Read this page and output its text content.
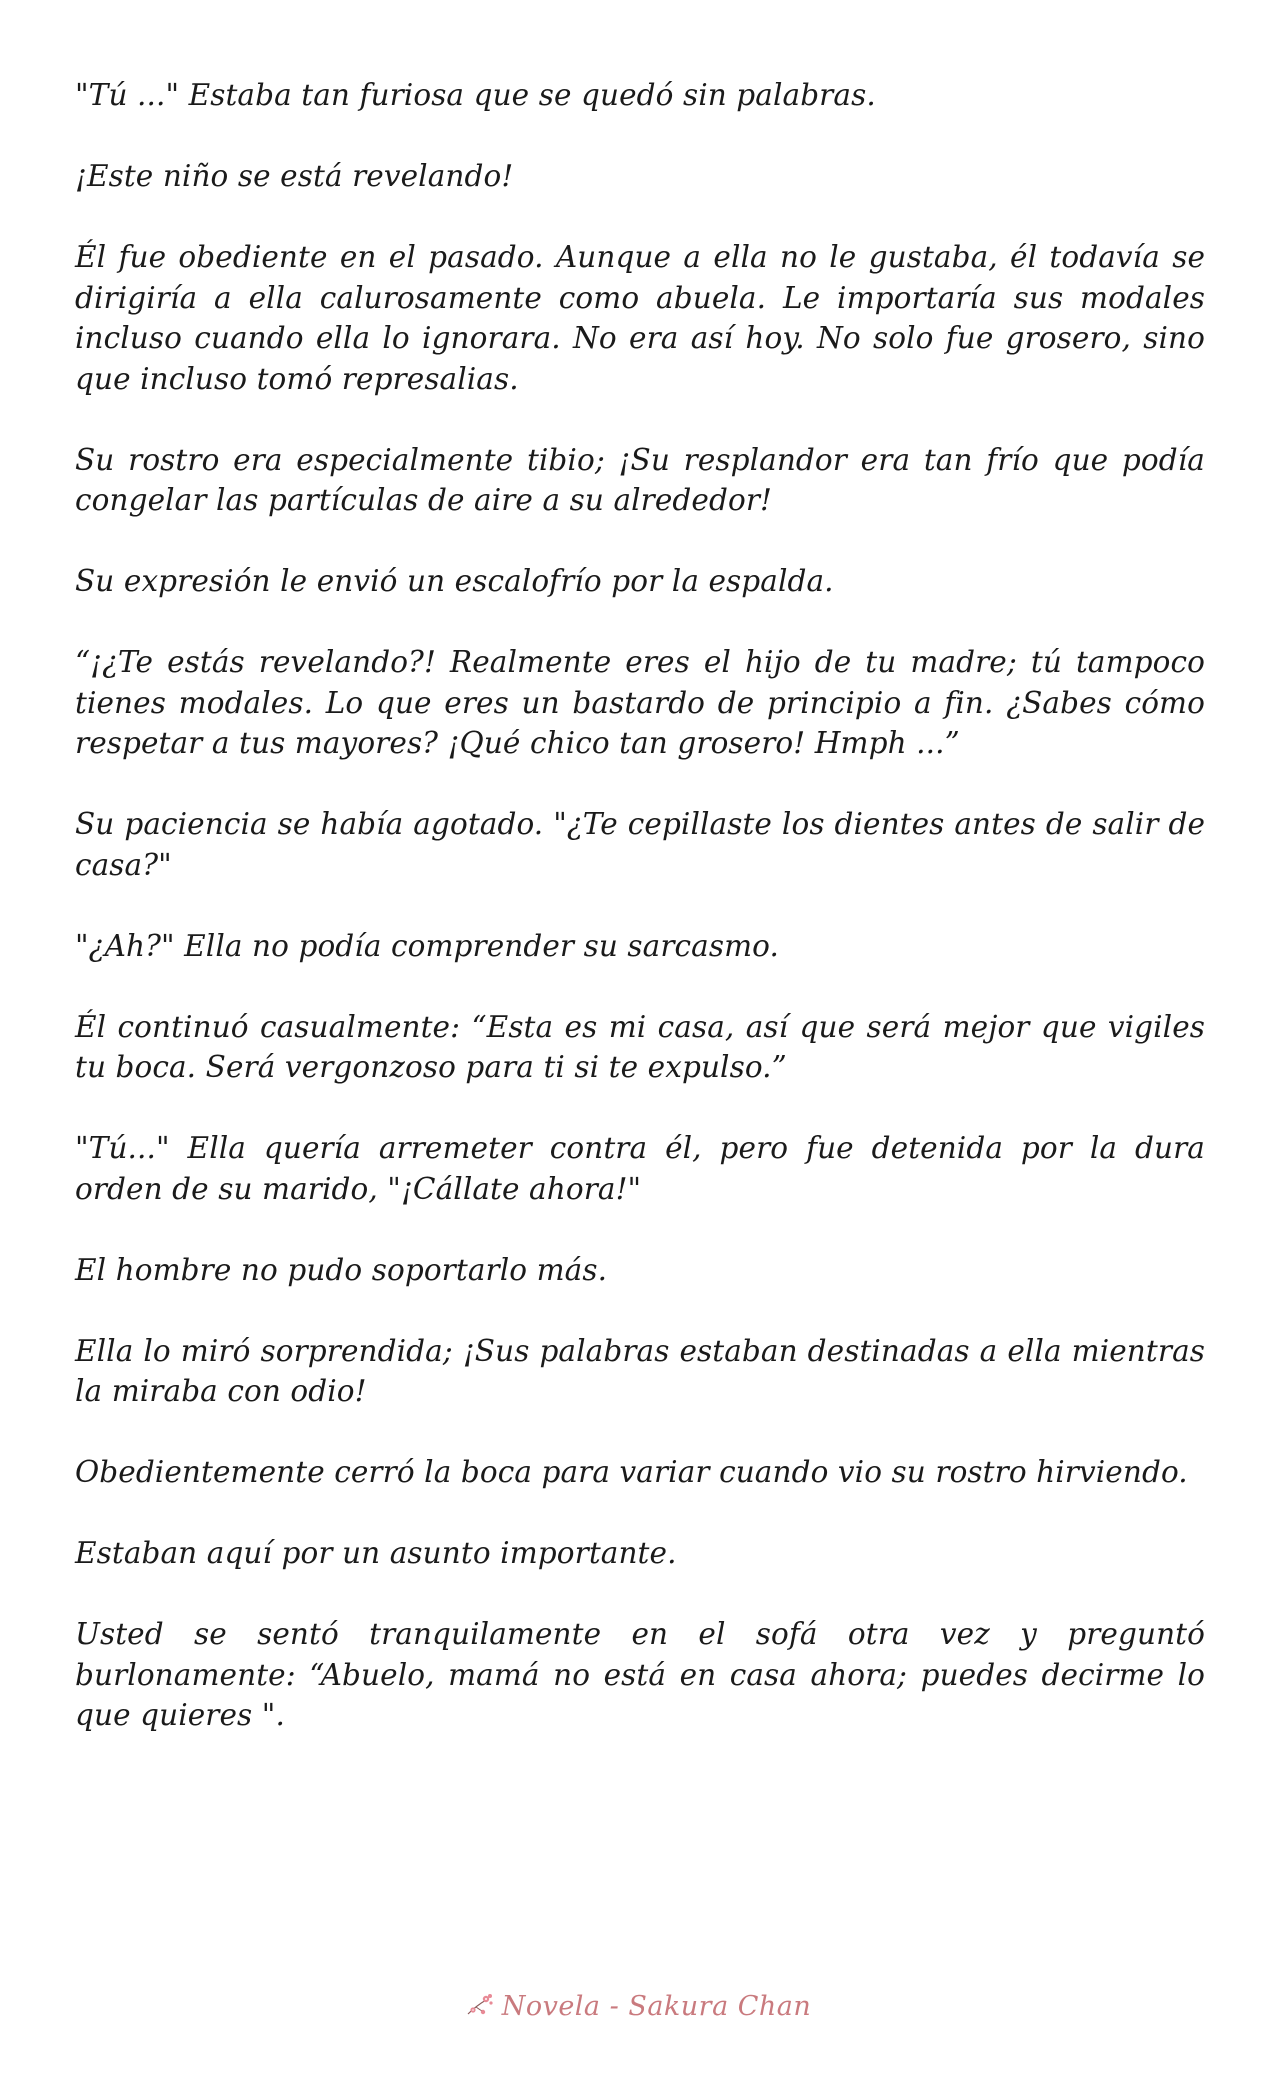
"Tú ..." Estaba tan furiosa que se quedó sin palabras.

¡Este niño se está revelando!

Él fue obediente en el pasado. Aunque a ella no le gustaba, él todavía se dirigiría a ella calurosamente como abuela. Le importaría sus modales incluso cuando ella lo ignorara. No era así hoy. No solo fue grosero, sino que incluso tomó represalias.

Su rostro era especialmente tibio; ¡Su resplandor era tan frío que podía congelar las partículas de aire a su alrededor!

Su expresión le envió un escalofrío por la espalda.

“¡¿Te estás revelando?! Realmente eres el hijo de tu madre; tú tampoco tienes modales. Lo que eres un bastardo de principio a fin. ¿Sabes cómo respetar a tus mayores? ¡Qué chico tan grosero! Hmph ...”

Su paciencia se había agotado. "¿Te cepillaste los dientes antes de salir de casa?"

"¿Ah?" Ella no podía comprender su sarcasmo.

Él continuó casualmente: “Esta es mi casa, así que será mejor que vigiles tu boca. Será vergonzoso para ti si te expulso.”

"Tú..." Ella quería arremeter contra él, pero fue detenida por la dura orden de su marido, "¡Cállate ahora!"

El hombre no pudo soportarlo más.

Ella lo miró sorprendida; ¡Sus palabras estaban destinadas a ella mientras la miraba con odio!

Obedientemente cerró la boca para variar cuando vio su rostro hirviendo.

Estaban aquí por un asunto importante.

Usted se sentó tranquilamente en el sofá otra vez y preguntó burlonamente: “Abuelo, mamá no está en casa ahora; puedes decirme lo que quieres ".

Novela - Sakura Chan
